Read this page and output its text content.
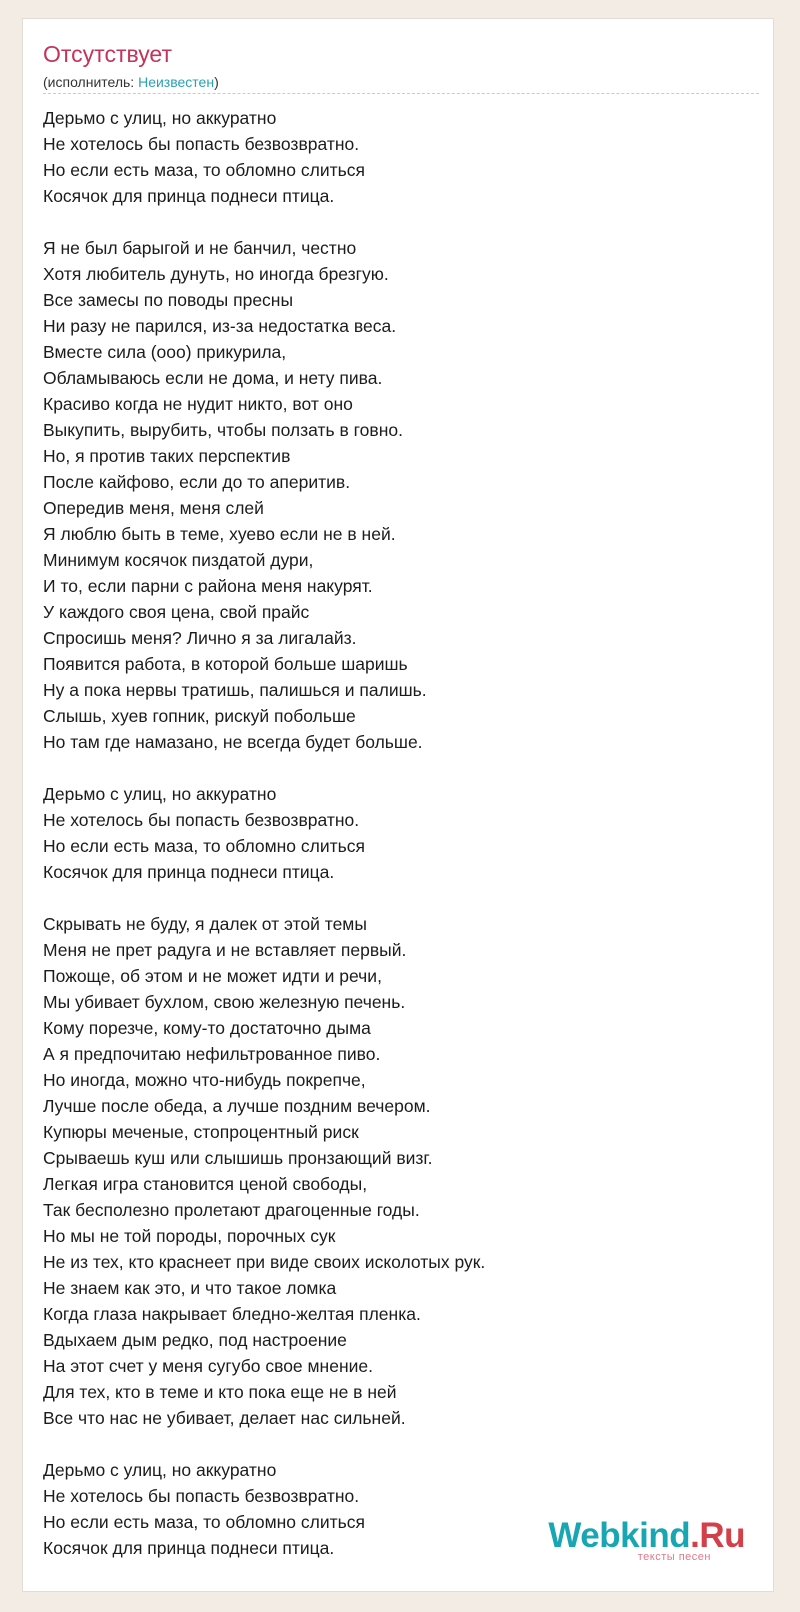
Отсутствует
(исполнитель: Неизвестен)
Дерьмо с улиц, но аккуратно
Не хотелось бы попасть безвозвратно.
Но если есть маза, то обломно слиться
Косячок для принца поднеси птица.
Я не был барыгой и не банчил, честно
Хотя любитель дунуть, но иногда брезгую.
Все замесы по поводы пресны
Ни разу не парился, из-за недостатка веса.
Вместе сила (ооо) прикурила,
Обламываюсь если не дома, и нету пива.
Красиво когда не нудит никто, вот оно
Выкупить, вырубить, чтобы ползать в говно.
Но, я против таких перспектив
После кайфово, если до то аперитив.
Опередив меня, меня слей
Я люблю быть в теме, хуево если не в ней.
Минимум косячок пиздатой дури,
И то, если парни с района меня накурят.
У каждого своя цена, свой прайс
Спросишь меня? Лично я за лигалайз.
Появится работа, в которой больше шаришь
Ну а пока нервы тратишь, палишься и палишь.
Слышь, хуев гопник, рискуй побольше
Но там где намазано, не всегда будет больше.
Дерьмо с улиц, но аккуратно
Не хотелось бы попасть безвозвратно.
Но если есть маза, то обломно слиться
Косячок для принца поднеси птица.
Скрывать не буду, я далек от этой темы
Меня не прет радуга и не вставляет первый.
Пожоще, об этом и не может идти и речи,
Мы убивает бухлом, свою железную печень.
Кому порезче, кому-то достаточно дыма
А я предпочитаю нефильтрованное пиво.
Но иногда, можно что-нибудь покрепче,
Лучше после обеда, а лучше поздним вечером.
Купюры меченые, стопроцентный риск
Срываешь куш или слышишь пронзающий визг.
Легкая игра становится ценой свободы,
Так бесполезно пролетают драгоценные годы.
Но мы не той породы, порочных сук
Не из тех, кто краснеет при виде своих исколотых рук.
Не знаем как это, и что такое ломка
Когда глаза накрывает бледно-желтая пленка.
Вдыхаем дым редко, под настроение
На этот счет у меня сугубо свое мнение.
Для тех, кто в теме и кто пока еще не в ней
Все что нас не убивает, делает нас сильней.
Дерьмо с улиц, но аккуратно
Не хотелось бы попасть безвозвратно.
Но если есть маза, то обломно слиться
Косячок для принца поднеси птица.	Webkind.Ru
тексты песен
